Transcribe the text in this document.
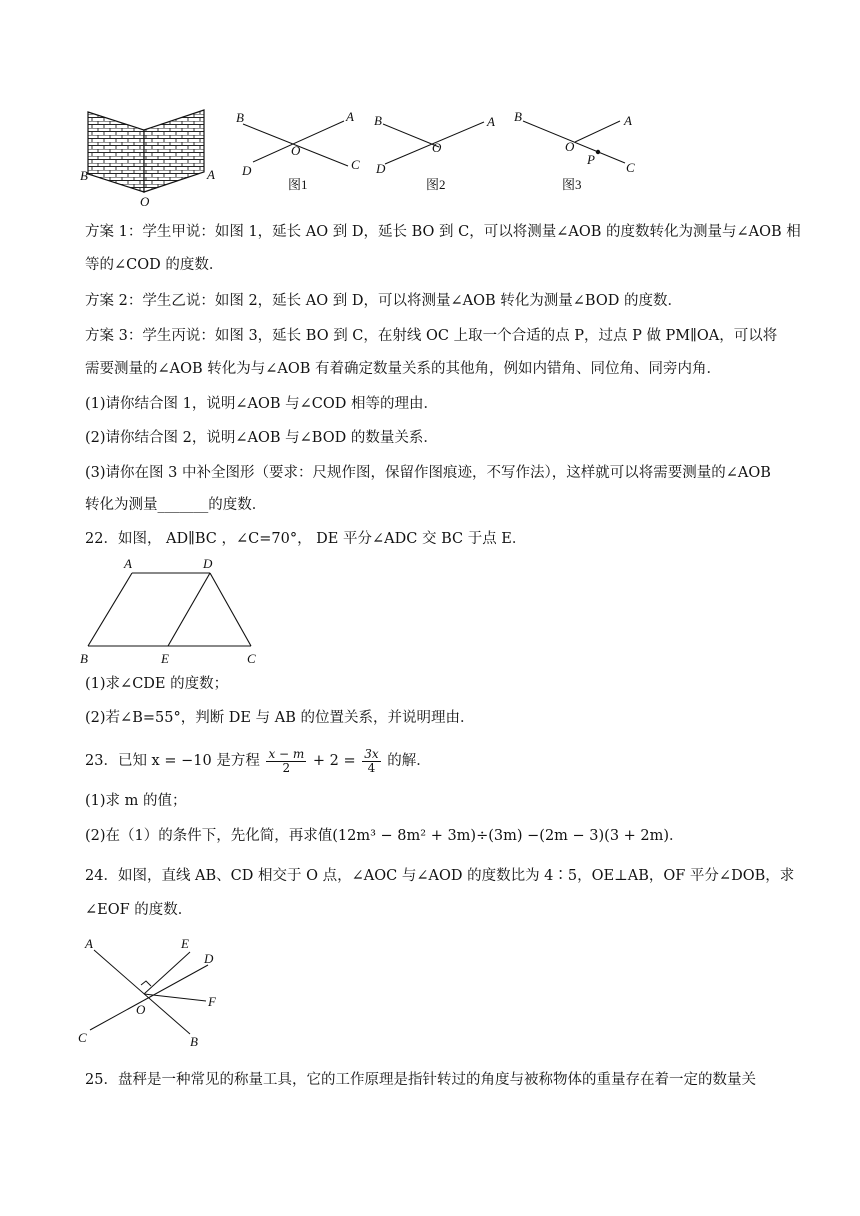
B
O
A
B	A
O
D	C
图1
B	A
O
D
图2
B	A
O
P
C
图3
方案 1：学生甲说：如图 1，延长 AO 到 D，延长 BO 到 C，可以将测量∠AOB 的度数转化为测量与∠AOB 相
等的∠COD 的度数．
方案 2：学生乙说：如图 2，延长 AO 到 D，可以将测量∠AOB 转化为测量∠BOD 的度数．
方案 3：学生丙说：如图 3，延长 BO 到 C，在射线 OC 上取一个合适的点 P，过点 P 做 PM∥OA，可以将
需要测量的∠AOB 转化为与∠AOB 有着确定数量关系的其他角，例如内错角、同位角、同旁内角．
(1)请你结合图 1，说明∠AOB 与∠COD 相等的理由．
(2)请你结合图 2，说明∠AOB 与∠BOD 的数量关系．
(3)请你在图 3 中补全图形（要求：尺规作图，保留作图痕迹，不写作法），这样就可以将需要测量的∠AOB
转化为测量_______的度数．
22．如图， AD∥BC ，∠C=70°， DE 平分∠ADC 交 BC 于点 E．
A	D
B	E	C
(1)求∠CDE 的度数；
(2)若∠B=55°，判断 DE 与 AB 的位置关系，并说明理由．
23．已知 x = −10 是方程 $\frac{x - m}{2} + 2 = \frac{3x}{4}$ 的解．
(1)求 m 的值；
(2)在（1）的条件下，先化简，再求值(12m³ − 8m² + 3m)÷(3m) −(2m − 3)(3 + 2m)．
24．如图，直线 AB、CD 相交于 O 点，∠AOC 与∠AOD 的度数比为 4∶5，OE⊥AB，OF 平分∠DOB，求
∠EOF 的度数．
A	E
D
F
O
C	B
25．盘秤是一种常见的称量工具，它的工作原理是指针转过的角度与被称物体的重量存在着一定的数量关
